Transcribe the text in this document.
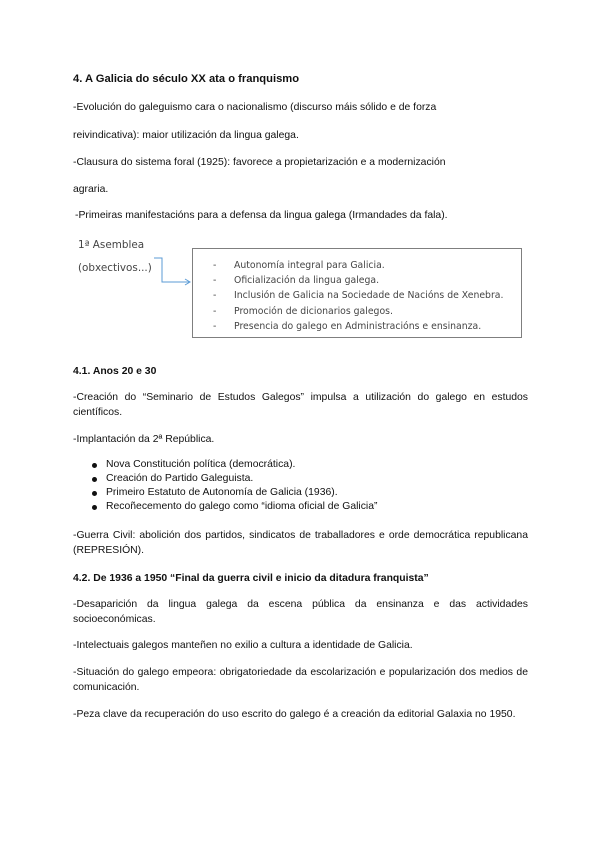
4. A Galicia do século XX ata o franquismo
-Evolución do galeguismo cara o nacionalismo (discurso máis sólido e de forza
reivindicativa): maior utilización da lingua galega.
-Clausura do sistema foral (1925): favorece a propietarización e a modernización
agraria.
-Primeiras manifestacións para a defensa da lingua galega (Irmandades da fala).
1ª Asemblea
(obxectivos...)	- Autonomía integral para Galicia.
- Oficialización da lingua galega.
- Inclusión de Galicia na Sociedade de Nacións de Xenebra.
- Promoción de dicionarios galegos.
- Presencia do galego en Administracións e ensinanza.
4.1. Anos 20 e 30
-Creación do “Seminario de Estudos Galegos” impulsa a utilización do galego en estudos científicos.
-Implantación da 2ª República.
Nova Constitución política (democrática).
Creación do Partido Galeguista.
Primeiro Estatuto de Autonomía de Galicia (1936).
Recoñecemento do galego como “idioma oficial de Galicia”
-Guerra Civil: abolición dos partidos, sindicatos de traballadores e orde democrática republicana (REPRESIÓN).
4.2. De 1936 a 1950 “Final da guerra civil e inicio da ditadura franquista”
-Desaparición da lingua galega da escena pública da ensinanza e das actividades socioeconómicas.
-Intelectuais galegos manteñen no exilio a cultura a identidade de Galicia.
-Situación do galego empeora: obrigatoriedade da escolarización e popularización dos medios de comunicación.
-Peza clave da recuperación do uso escrito do galego é a creación da editorial Galaxia no 1950.
